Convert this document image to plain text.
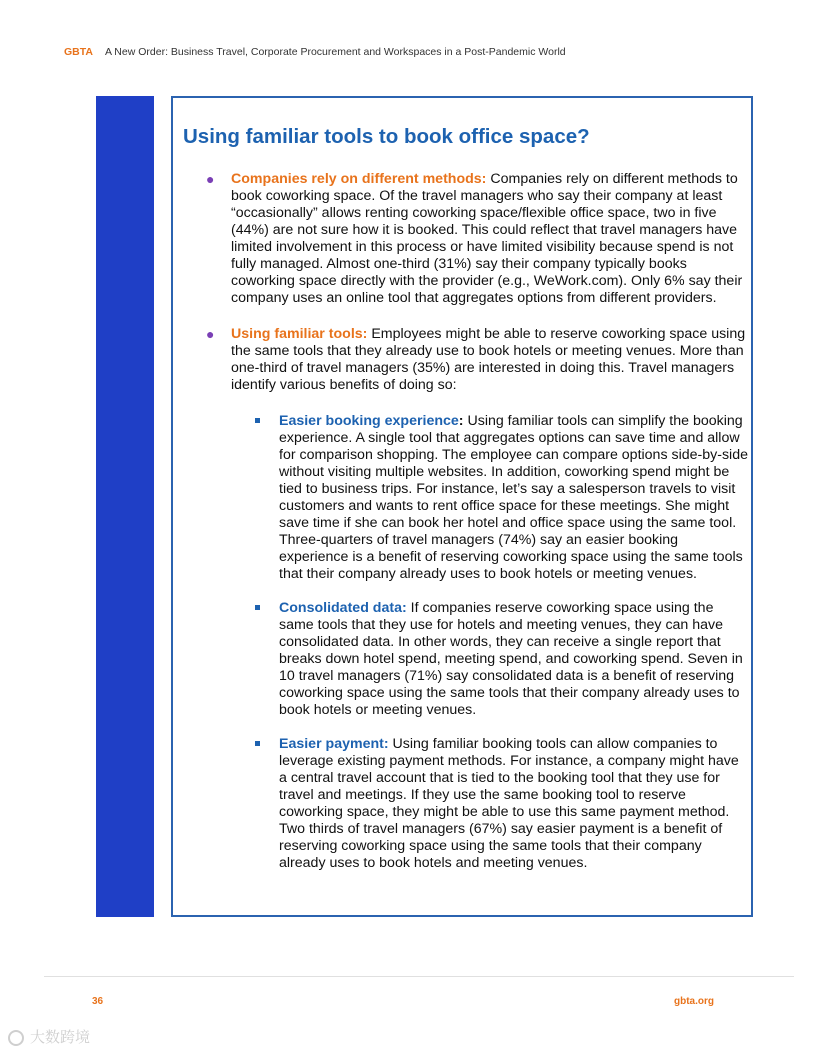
GBTA A New Order: Business Travel, Corporate Procurement and Workspaces in a Post-Pandemic World
Using familiar tools to book office space?
● Companies rely on different methods: Companies rely on different methods to book coworking space. Of the travel managers who say their company at least “occasionally” allows renting coworking space/flexible office space, two in five (44%) are not sure how it is booked. This could reflect that travel managers have limited involvement in this process or have limited visibility because spend is not fully managed. Almost one-third (31%) say their company typically books coworking space directly with the provider (e.g., WeWork.com). Only 6% say their company uses an online tool that aggregates options from different providers.
● Using familiar tools: Employees might be able to reserve coworking space using the same tools that they already use to book hotels or meeting venues. More than one-third of travel managers (35%) are interested in doing this. Travel managers identify various benefits of doing so:
Easier booking experience: Using familiar tools can simplify the booking experience. A single tool that aggregates options can save time and allow for comparison shopping. The employee can compare options side-by-side without visiting multiple websites. In addition, coworking spend might be tied to business trips. For instance, let’s say a salesperson travels to visit customers and wants to rent office space for these meetings. She might save time if she can book her hotel and office space using the same tool. Three-quarters of travel managers (74%) say an easier booking experience is a benefit of reserving coworking space using the same tools that their company already uses to book hotels or meeting venues.
Consolidated data: If companies reserve coworking space using the same tools that they use for hotels and meeting venues, they can have consolidated data. In other words, they can receive a single report that breaks down hotel spend, meeting spend, and coworking spend. Seven in 10 travel managers (71%) say consolidated data is a benefit of reserving coworking space using the same tools that their company already uses to book hotels or meeting venues.
Easier payment: Using familiar booking tools can allow companies to leverage existing payment methods. For instance, a company might have a central travel account that is tied to the booking tool that they use for travel and meetings. If they use the same booking tool to reserve coworking space, they might be able to use this same payment method. Two thirds of travel managers (67%) say easier payment is a benefit of reserving coworking space using the same tools that their company already uses to book hotels and meeting venues.
36	gbta.org
大数跨境
